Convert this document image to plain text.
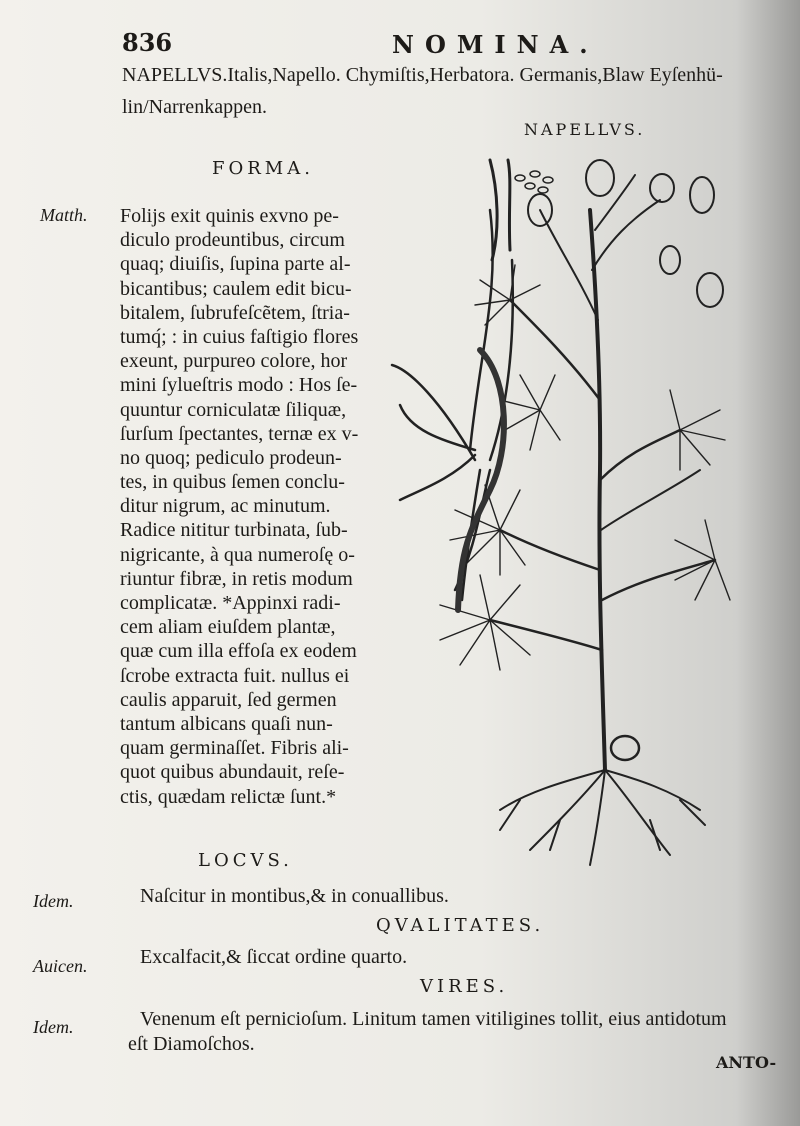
836	NOMINA.
NAPELLVS.Italis,Napello. Chymiſtis,Herbatora. Germanis,Blaw Eyſenhü-
lin/Narrenkappen.
NAPELLVS.
FORMA.
Matth. Folijs exit quinis exvno pe-
diculo prodeuntibus, circum
quaq; diuiſis, ſupina parte al-
bicantibus; caulem edit bicu-
bitalem, ſubrufeſcẽtem, ſtria-
tumq́; : in cuius faſtigio flores
exeunt, purpureo colore, hor
mini ſylueſtris modo : Hos ſe-
quuntur corniculatæ ſiliquæ,
ſurſum ſpectantes, ternæ ex v-
no quoq; pediculo prodeun-
tes, in quibus ſemen conclu-
ditur nigrum, ac minutum.
Radice nititur turbinata, ſub-
nigricante, à qua numeroſę o-
riuntur fibræ, in retis modum
complicatæ. *Appinxi radi-
cem aliam eiuſdem plantæ,
quæ cum illa effoſa ex eodem
ſcrobe extracta fuit. nullus ei
caulis apparuit, ſed germen
tantum albicans quaſi nun-
quam germinaſſet. Fibris ali-
quot quibus abundauit, reſe-
ctis, quædam relictæ ſunt.*
LOCVS.
Idem.	Naſcitur in montibus,& in conuallibus.
QVALITATES.
Auicen.	Excalfacit,& ſiccat ordine quarto.
VIRES.
Idem.	Venenum eſt pernicioſum. Linitum tamen vitiligines tollit, eius antidotum
eſt Diamoſchos.
ANTO-
